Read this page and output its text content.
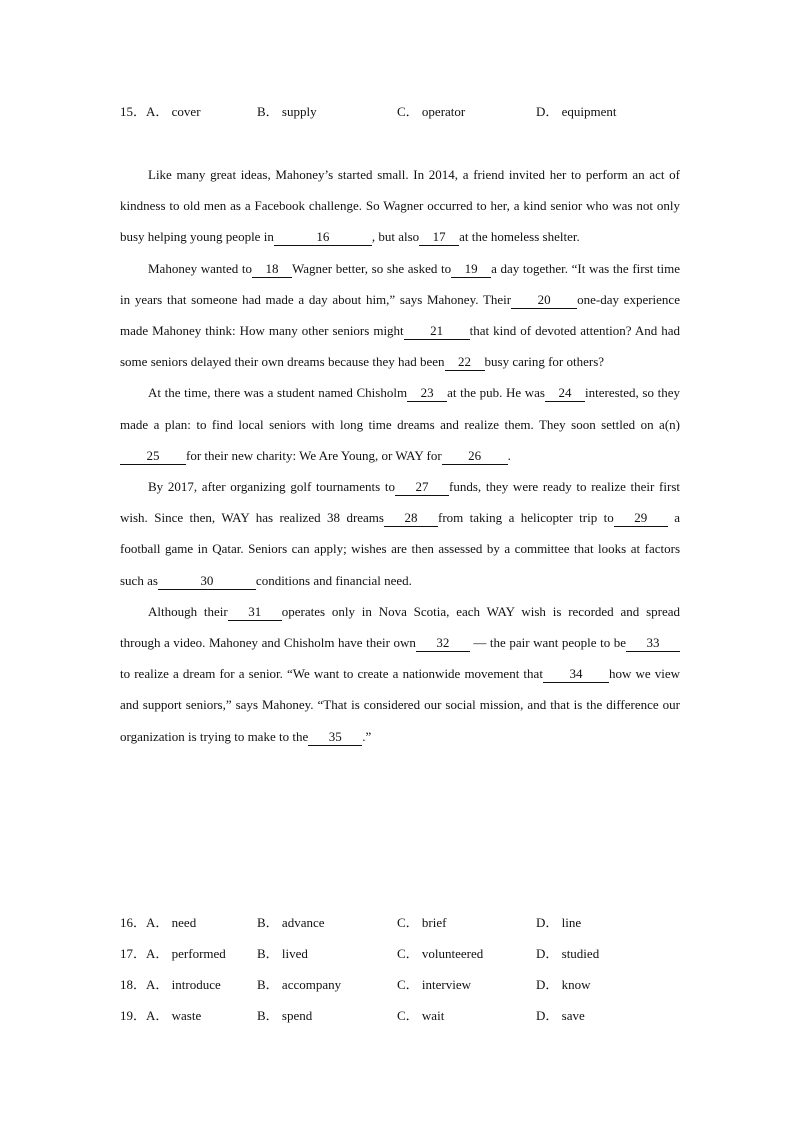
15．A． cover	B． supply	C． operator	D． equipment

Like many great ideas, Mahoney’s started small. In 2014, a friend invited her to perform an act of kindness to old men as a Facebook challenge. So Wagner occurred to her, a kind senior who was not only busy helping young people in	16	, but also 17 at the homeless shelter.

Mahoney wanted to 18 Wagner better, so she asked to 19 a day together. “It was the first time in years that someone had made a day about him,” says Mahoney. Their 20 one-day experience made Mahoney think: How many other seniors might 21 that kind of devoted attention? And had some seniors delayed their own dreams because they had been 22 busy caring for others?

At the time, there was a student named Chisholm 23 at the pub. He was 24 interested, so they made a plan: to find local seniors with long time dreams and realize them. They soon settled on a(n)25 for their new charity: We Are Young, or WAY for 26 .

By 2017, after organizing golf tournaments to 27 funds, they were ready to realize their first wish. Since then, WAY has realized 38 dreams 28 from taking a helicopter trip to 29 a football game in Qatar. Seniors can apply; wishes are then assessed by a committee that looks at factors such as	30	conditions and financial need.

Although their 31 operates only in Nova Scotia, each WAY wish is recorded and spread through a video. Mahoney and Chisholm have their own 32 — the pair want people to be 33to realize a dream for a senior. “We want to create a nationwide movement that 34 how we view and support seniors,” says Mahoney. “That is considered our social mission, and that is the difference our organization is trying to make to the 35 .”

16．A． need	B． advance	C． brief	D． line
17．A． performed B． lived	C． volunteered	D． studied
18．A． introduce	B． accompany	C． interview	D． know
19．A． waste	B． spend	C． wait	D． save
